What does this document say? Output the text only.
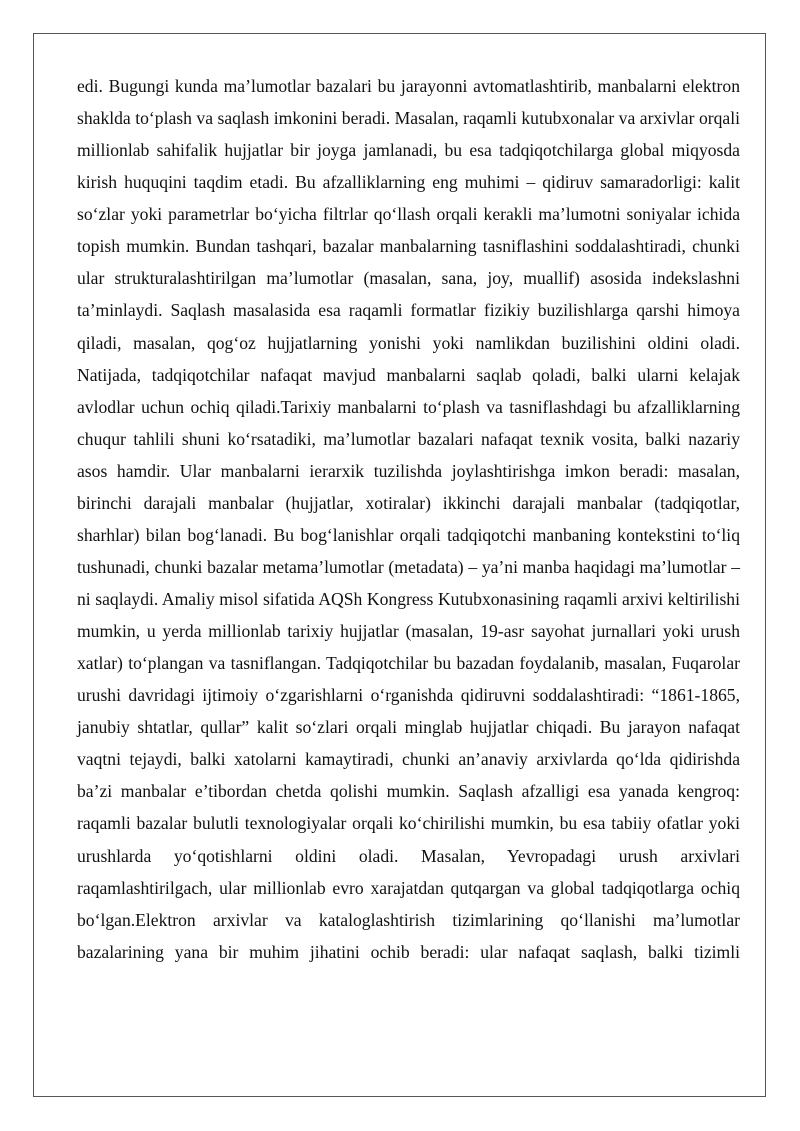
edi. Bugungi kunda ma’lumotlar bazalari bu jarayonni avtomatlashtirib, manbalarni elektron shaklda to‘plash va saqlash imkonini beradi. Masalan, raqamli kutubxonalar va arxivlar orqali millionlab sahifalik hujjatlar bir joyga jamlanadi, bu esa tadqiqotchilarga global miqyosda kirish huquqini taqdim etadi. Bu afzalliklarning eng muhimi – qidiruv samaradorligi: kalit so‘zlar yoki parametrlar bo‘yicha filtrlar qo‘llash orqali kerakli ma’lumotni soniyalar ichida topish mumkin. Bundan tashqari, bazalar manbalarning tasniflashini soddalashtiradi, chunki ular strukturalashtirilgan ma’lumotlar (masalan, sana, joy, muallif) asosida indekslashni ta’minlaydi. Saqlash masalasida esa raqamli formatlar fizikiy buzilishlarga qarshi himoya qiladi, masalan, qog‘oz hujjatlarning yonishi yoki namlikdan buzilishini oldini oladi. Natijada, tadqiqotchilar nafaqat mavjud manbalarni saqlab qoladi, balki ularni kelajak avlodlar uchun ochiq qiladi.Tarixiy manbalarni to‘plash va tasniflashdagi bu afzalliklarning chuqur tahlili shuni ko‘rsatadiki, ma’lumotlar bazalari nafaqat texnik vosita, balki nazariy asos hamdir. Ular manbalarni ierarxik tuzilishda joylashtirishga imkon beradi: masalan, birinchi darajali manbalar (hujjatlar, xotiralar) ikkinchi darajali manbalar (tadqiqotlar, sharhlar) bilan bog‘lanadi. Bu bog‘lanishlar orqali tadqiqotchi manbaning kontekstini to‘liq tushunadi, chunki bazalar metama’lumotlar (metadata) – ya’ni manba haqidagi ma’lumotlar – ni saqlaydi. Amaliy misol sifatida AQSh Kongress Kutubxonasining raqamli arxivi keltirilishi mumkin, u yerda millionlab tarixiy hujjatlar (masalan, 19-asr sayohat jurnallari yoki urush xatlar) to‘plangan va tasniflangan. Tadqiqotchilar bu bazadan foydalanib, masalan, Fuqarolar urushi davridagi ijtimoiy o‘zgarishlarni o‘rganishda qidiruvni soddalashtiradi: “1861-1865, janubiy shtatlar, qullar” kalit so‘zlari orqali minglab hujjatlar chiqadi. Bu jarayon nafaqat vaqtni tejaydi, balki xatolarni kamaytiradi, chunki an’anaviy arxivlarda qo‘lda qidirishda ba’zi manbalar e’tibordan chetda qolishi mumkin. Saqlash afzalligi esa yanada kengroq: raqamli bazalar bulutli texnologiyalar orqali ko‘chirilishi mumkin, bu esa tabiiy ofatlar yoki urushlarda yo‘qotishlarni oldini oladi. Masalan, Yevropadagi urush arxivlari raqamlashtirilgach, ular millionlab evro xarajatdan qutqargan va global tadqiqotlarga ochiq bo‘lgan.Elektron arxivlar va kataloglashtirish tizimlarining qo‘llanishi ma’lumotlar bazalarining yana bir muhim jihatini ochib beradi: ular nafaqat saqlash, balki tizimli
